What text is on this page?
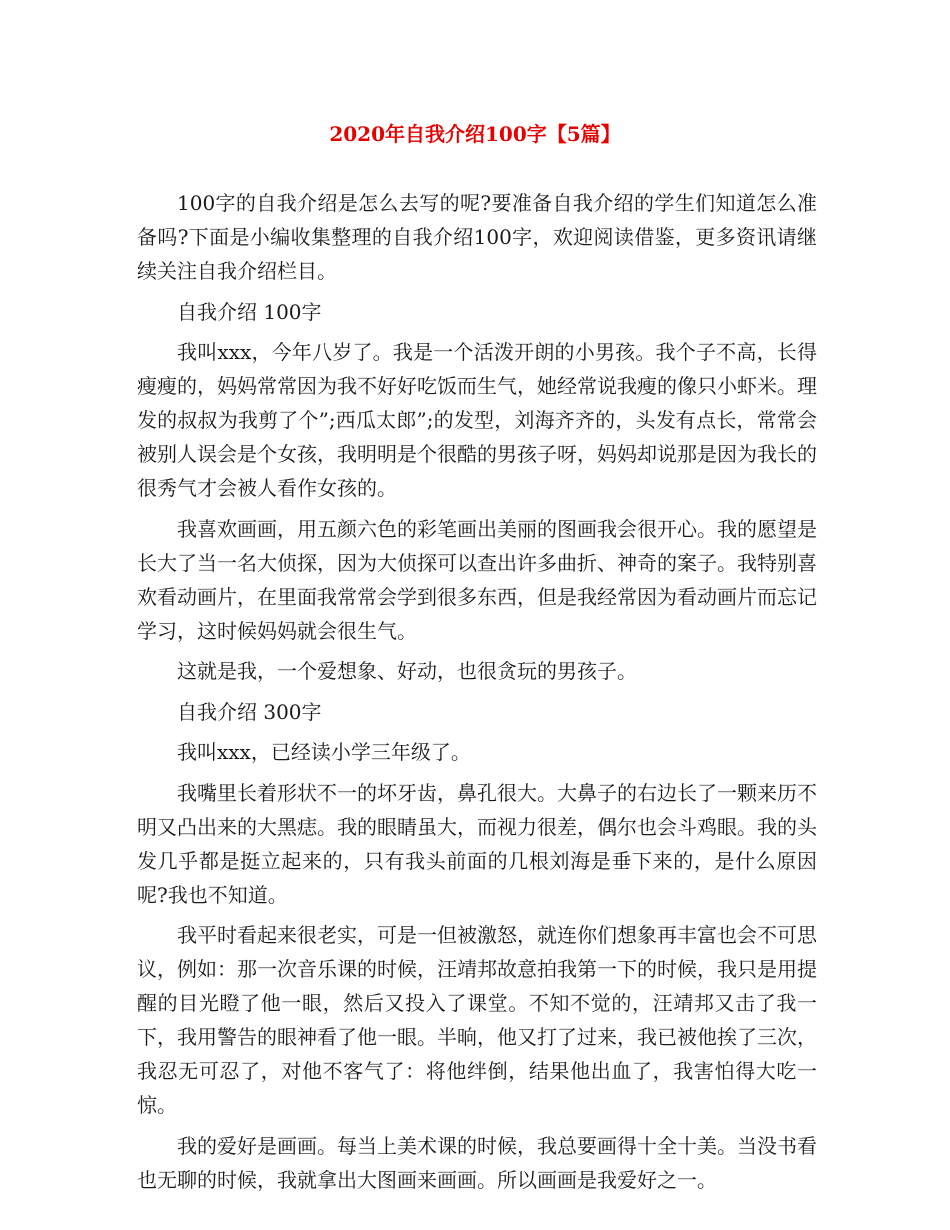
2020年自我介绍100字【5篇】

100字的自我介绍是怎么去写的呢?要准备自我介绍的学生们知道怎么准备吗?下面是小编收集整理的自我介绍100字，欢迎阅读借鉴，更多资讯请继续关注自我介绍栏目。

自我介绍 100字

我叫xxx，今年八岁了。我是一个活泼开朗的小男孩。我个子不高，长得瘦瘦的，妈妈常常因为我不好好吃饭而生气，她经常说我瘦的像只小虾米。理发的叔叔为我剪了个”;西瓜太郎”;的发型，刘海齐齐的，头发有点长，常常会被别人误会是个女孩，我明明是个很酷的男孩子呀，妈妈却说那是因为我长的很秀气才会被人看作女孩的。

我喜欢画画，用五颜六色的彩笔画出美丽的图画我会很开心。我的愿望是长大了当一名大侦探，因为大侦探可以查出许多曲折、神奇的案子。我特别喜欢看动画片，在里面我常常会学到很多东西，但是我经常因为看动画片而忘记学习，这时候妈妈就会很生气。

这就是我，一个爱想象、好动，也很贪玩的男孩子。

自我介绍 300字

我叫xxx，已经读小学三年级了。

我嘴里长着形状不一的坏牙齿，鼻孔很大。大鼻子的右边长了一颗来历不明又凸出来的大黑痣。我的眼睛虽大，而视力很差，偶尔也会斗鸡眼。我的头发几乎都是挺立起来的，只有我头前面的几根刘海是垂下来的，是什么原因呢?我也不知道。

我平时看起来很老实，可是一但被激怒，就连你们想象再丰富也会不可思议，例如：那一次音乐课的时候，汪靖邦故意拍我第一下的时候，我只是用提醒的目光瞪了他一眼，然后又投入了课堂。不知不觉的，汪靖邦又击了我一下，我用警告的眼神看了他一眼。半晌，他又打了过来，我已被他挨了三次，我忍无可忍了，对他不客气了：将他绊倒，结果他出血了，我害怕得大吃一惊。

我的爱好是画画。每当上美术课的时候，我总要画得十全十美。当没书看也无聊的时候，我就拿出大图画来画画。所以画画是我爱好之一。
